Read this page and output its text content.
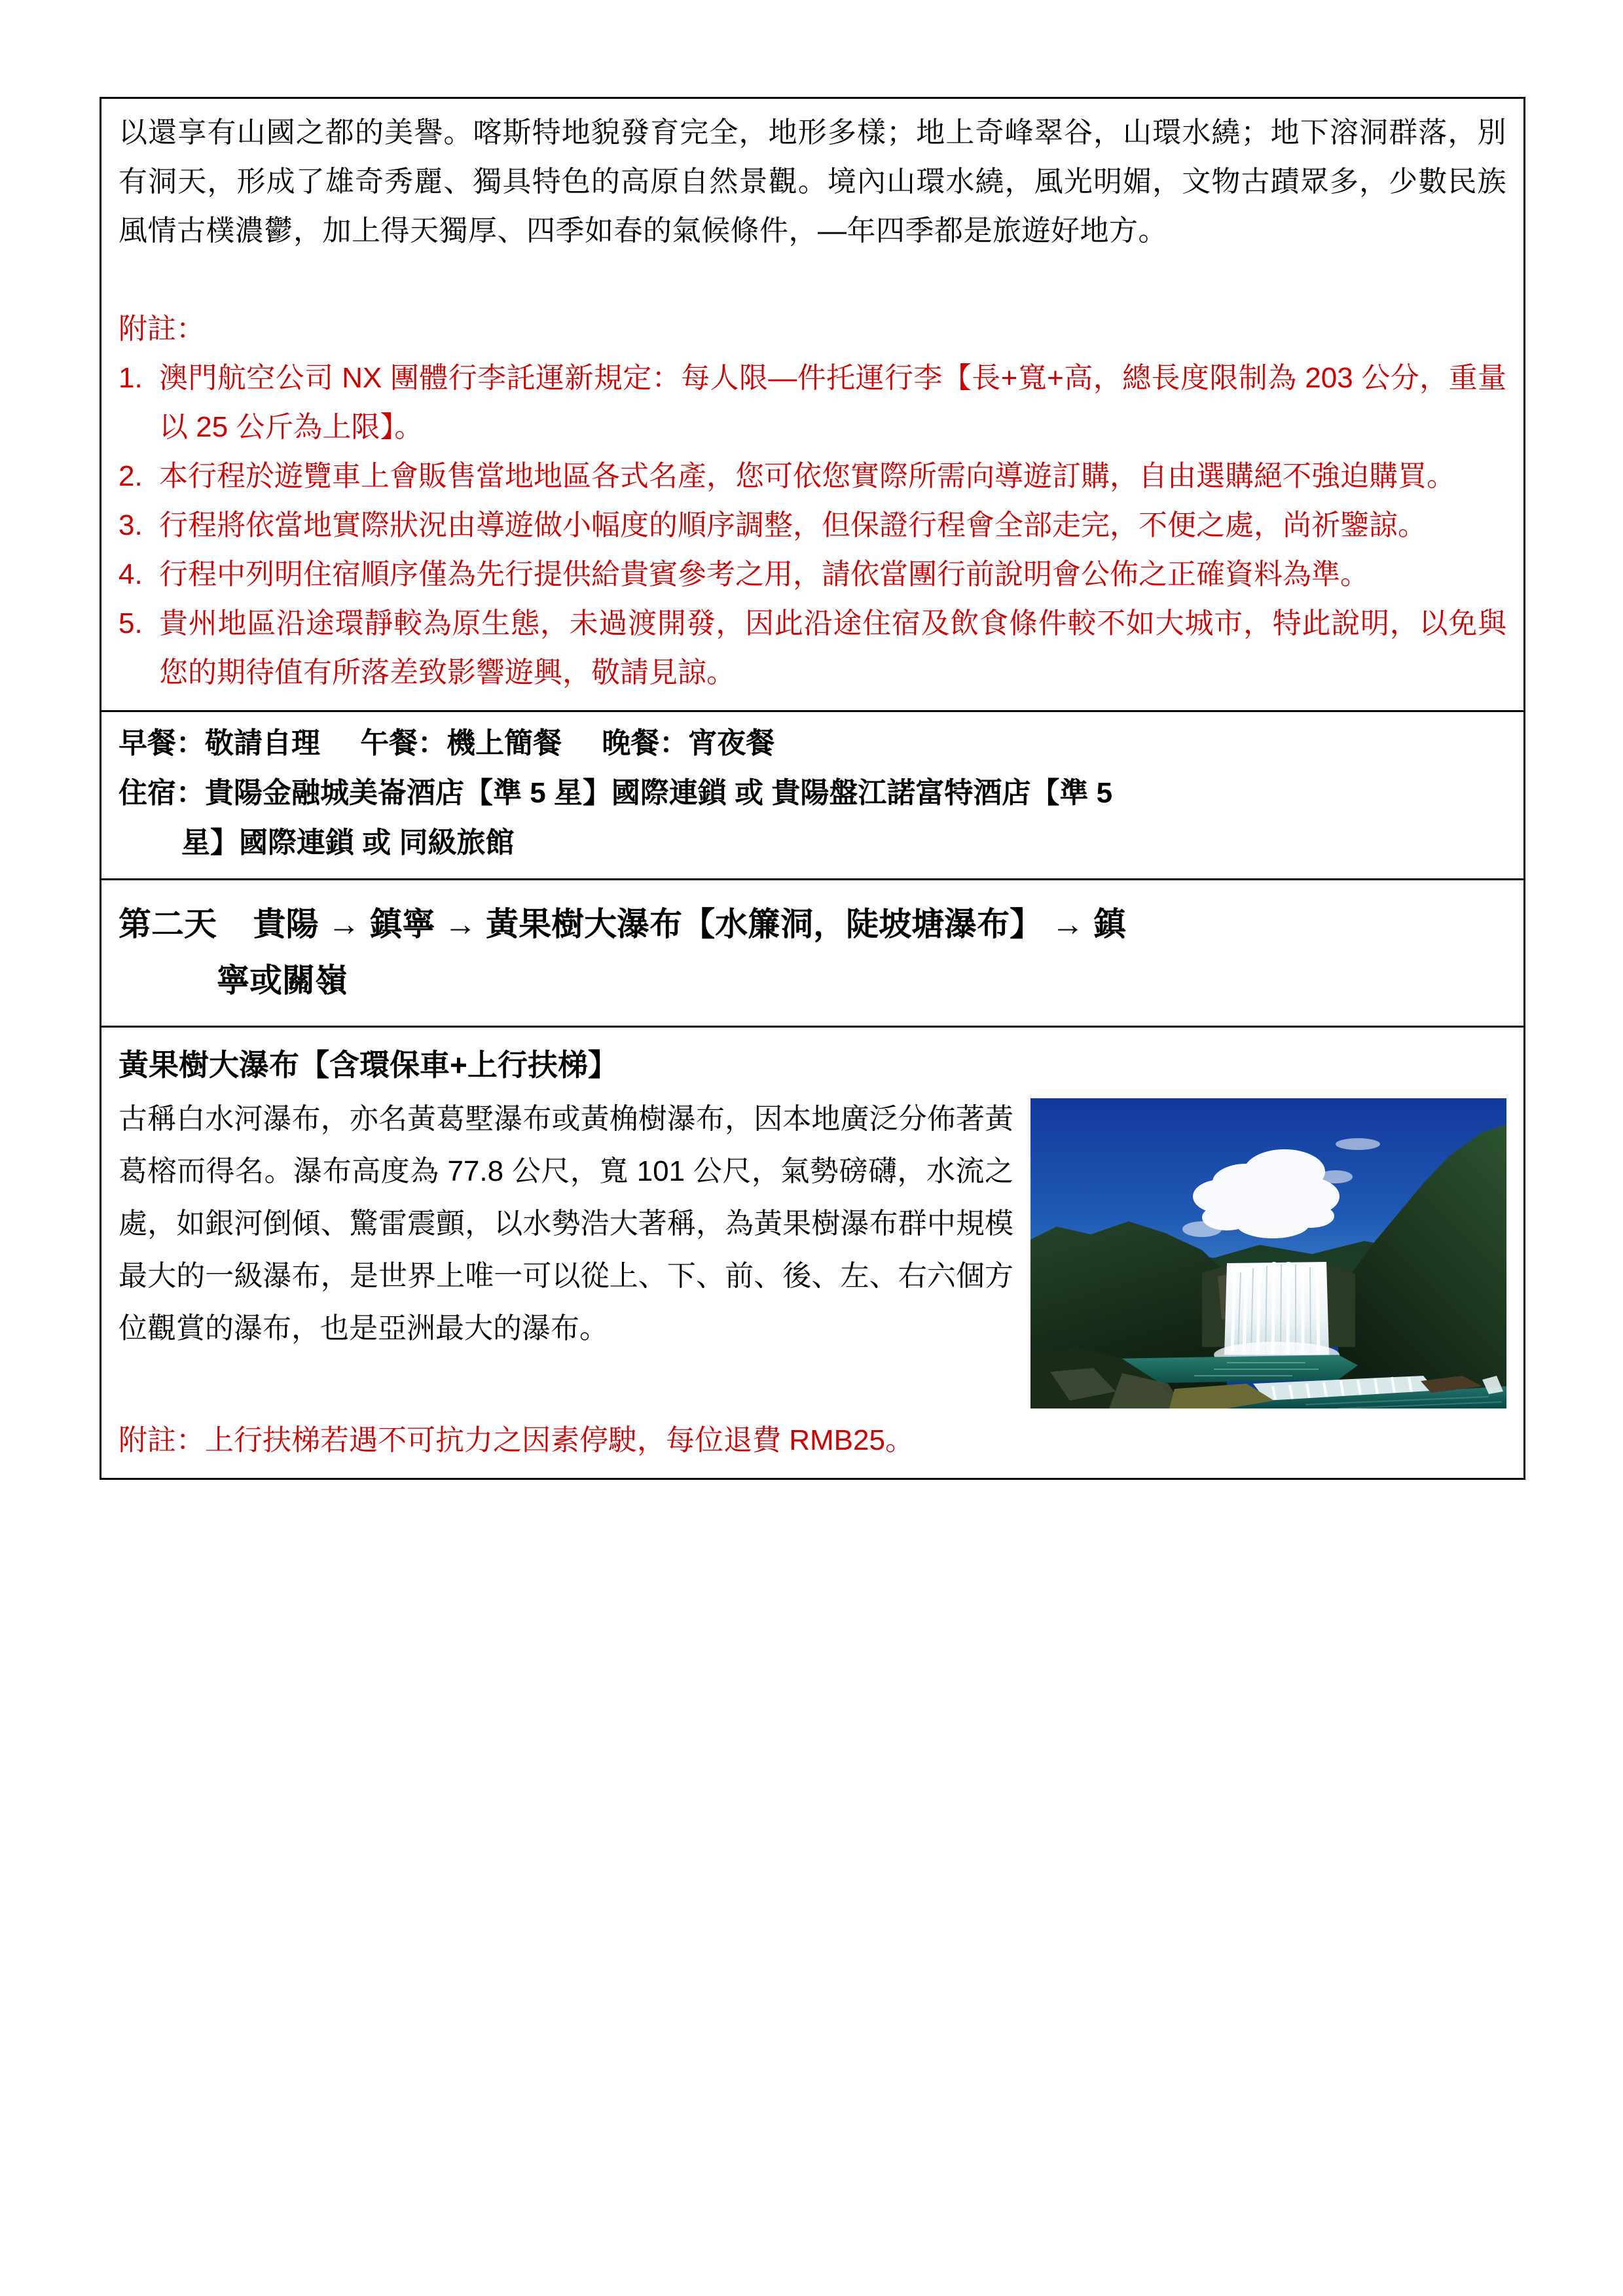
以還享有山國之都的美譽。喀斯特地貌發育完全，地形多樣；地上奇峰翠谷，山環水繞；地下溶洞群落，別有洞天，形成了雄奇秀麗、獨具特色的高原自然景觀。境內山環水繞，風光明媚，文物古蹟眾多，少數民族風情古樸濃鬱，加上得天獨厚、四季如春的氣候條件，—年四季都是旅遊好地方。

附註：

1. 澳門航空公司 NX 團體行李託運新規定：每人限—件托運行李【長+寬+高，總長度限制為 203 公分，重量以 25 公斤為上限】。
2. 本行程於遊覽車上會販售當地地區各式名產，您可依您實際所需向導遊訂購，自由選購絕不強迫購買。
3. 行程將依當地實際狀況由導遊做小幅度的順序調整，但保證行程會全部走完，不便之處，尚祈鑒諒。
4. 行程中列明住宿順序僅為先行提供給貴賓參考之用，請依當團行前說明會公佈之正確資料為準。
5. 貴州地區沿途環靜較為原生態，未過渡開發，因此沿途住宿及飲食條件較不如大城市，特此說明，以免與您的期待值有所落差致影響遊興，敬請見諒。

早餐：敬請自理     午餐：機上簡餐     晚餐：宵夜餐

住宿：貴陽金融城美崙酒店【準 5 星】國際連鎖 或 貴陽盤江諾富特酒店【準 5

星】國際連鎖 或 同級旅館

第二天 貴陽 → 鎮寧 → 黃果樹大瀑布【水簾洞，陡坡塘瀑布】 → 鎮
寧或關嶺

黃果樹大瀑布【含環保車+上行扶梯】

古稱白水河瀑布，亦名黃葛墅瀑布或黃桷樹瀑布，因本地廣泛分佈著黃葛榕而得名。瀑布高度為 77.8 公尺，寬 101 公尺，氣勢磅礴，水流之處，如銀河倒傾、驚雷震顫，以水勢浩大著稱，為黃果樹瀑布群中規模最大的一級瀑布，是世界上唯一可以從上、下、前、後、左、右六個方位觀賞的瀑布，也是亞洲最大的瀑布。

附註：上行扶梯若遇不可抗力之因素停駛，每位退費 RMB25。
